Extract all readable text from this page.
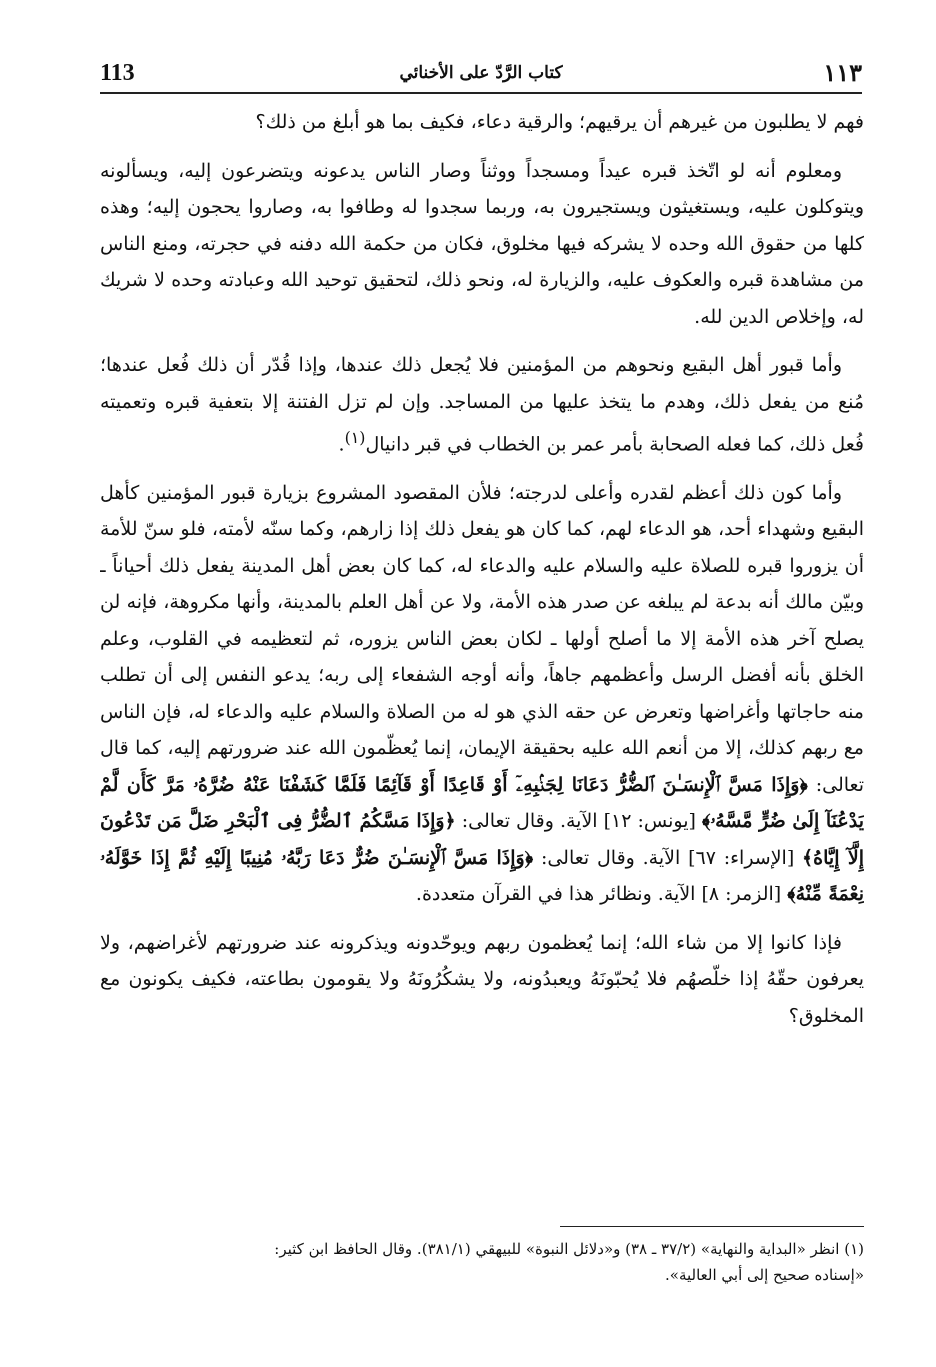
113	كتاب الرَّدّ على الأخنائي	١١٣

فهم لا يطلبون من غيرهم أن يرقيهم؛ والرقية دعاء، فكيف بما هو أبلغ من ذلك؟

ومعلوم أنه لو اتّخذ قبره عيداً ومسجداً ووثناً وصار الناس يدعونه ويتضرعون إليه، ويسألونه ويتوكلون عليه، ويستغيثون ويستجيرون به، وربما سجدوا له وطافوا به، وصاروا يحجون إليه؛ وهذه كلها من حقوق الله وحده لا يشركه فيها مخلوق، فكان من حكمة الله دفنه في حجرته، ومنع الناس من مشاهدة قبره والعكوف عليه، والزيارة له، ونحو ذلك، لتحقيق توحيد الله وعبادته وحده لا شريك له، وإخلاص الدين لله.

وأما قبور أهل البقيع ونحوهم من المؤمنين فلا يُجعل ذلك عندها، وإذا قُدّر أن ذلك فُعل عندها؛ مُنع من يفعل ذلك، وهدم ما يتخذ عليها من المساجد. وإن لم تزل الفتنة إلا بتعفية قبره وتعميته فُعل ذلك، كما فعله الصحابة بأمر عمر بن الخطاب في قبر دانيال$^{(١)}$.

وأما كون ذلك أعظم لقدره وأعلى لدرجته؛ فلأن المقصود المشروع بزيارة قبور المؤمنين كأهل البقيع وشهداء أحد، هو الدعاء لهم، كما كان هو يفعل ذلك إذا زارهم، وكما سنّه لأمته، فلو سنّ للأمة أن يزوروا قبره للصلاة عليه والسلام عليه والدعاء له، كما كان بعض أهل المدينة يفعل ذلك أحياناً ـ وبيّن مالك أنه بدعة لم يبلغه عن صدر هذه الأمة، ولا عن أهل العلم بالمدينة، وأنها مكروهة، فإنه لن يصلح آخر هذه الأمة إلا ما أصلح أولها ـ لكان بعض الناس يزوره، ثم لتعظيمه في القلوب، وعلم الخلق بأنه أفضل الرسل وأعظمهم جاهاً، وأنه أوجه الشفعاء إلى ربه؛ يدعو النفس إلى أن تطلب منه حاجاتها وأغراضها وتعرض عن حقه الذي هو له من الصلاة والسلام عليه والدعاء له، فإن الناس مع ربهم كذلك، إلا من أنعم الله عليه بحقيقة الإيمان، إنما يُعظّمون الله عند ضرورتهم إليه، كما قال تعالى: ﴿وَإِذَا مَسَّ ٱلْإِنسَـٰنَ ٱلضُّرُّ دَعَانَا لِجَنۢبِهِۦٓ أَوْ قَاعِدًا أَوْ قَآئِمًا فَلَمَّا كَشَفْنَا عَنْهُ ضُرَّهُۥ مَرَّ كَأَن لَّمْ يَدْعُنَآ إِلَىٰ ضُرٍّ مَّسَّهُۥ﴾ [يونس: ١٢] الآية. وقال تعالى: ﴿وَإِذَا مَسَّكُمُ ٱلضُّرُّ فِى ٱلْبَحْرِ ضَلَّ مَن تَدْعُونَ إِلَّآ إِيَّاهُ﴾ [الإسراء: ٦٧] الآية. وقال تعالى: ﴿وَإِذَا مَسَّ ٱلْإِنسَـٰنَ ضُرٌّ دَعَا رَبَّهُۥ مُنِيبًا إِلَيْهِ ثُمَّ إِذَا خَوَّلَهُۥ نِعْمَةً مِّنْهُ﴾ [الزمر: ٨] الآية. ونظائر هذا في القرآن متعددة.

فإذا كانوا إلا من شاء الله؛ إنما يُعظمون ربهم ويوحّدونه ويذكرونه عند ضرورتهم لأغراضهم، ولا يعرفون حقّهُ إذا خلّصهُم فلا يُحبّونَهُ ويعبدُونه، ولا يشكُرُونَهُ ولا يقومون بطاعته، فكيف يكونون مع المخلوق؟

(١) انظر «البداية والنهاية» (٣٧/٢ ـ ٣٨) و«دلائل النبوة» للبيهقي (٣٨١/١). وقال الحافظ ابن كثير:

«إسناده صحيح إلى أبي العالية».
